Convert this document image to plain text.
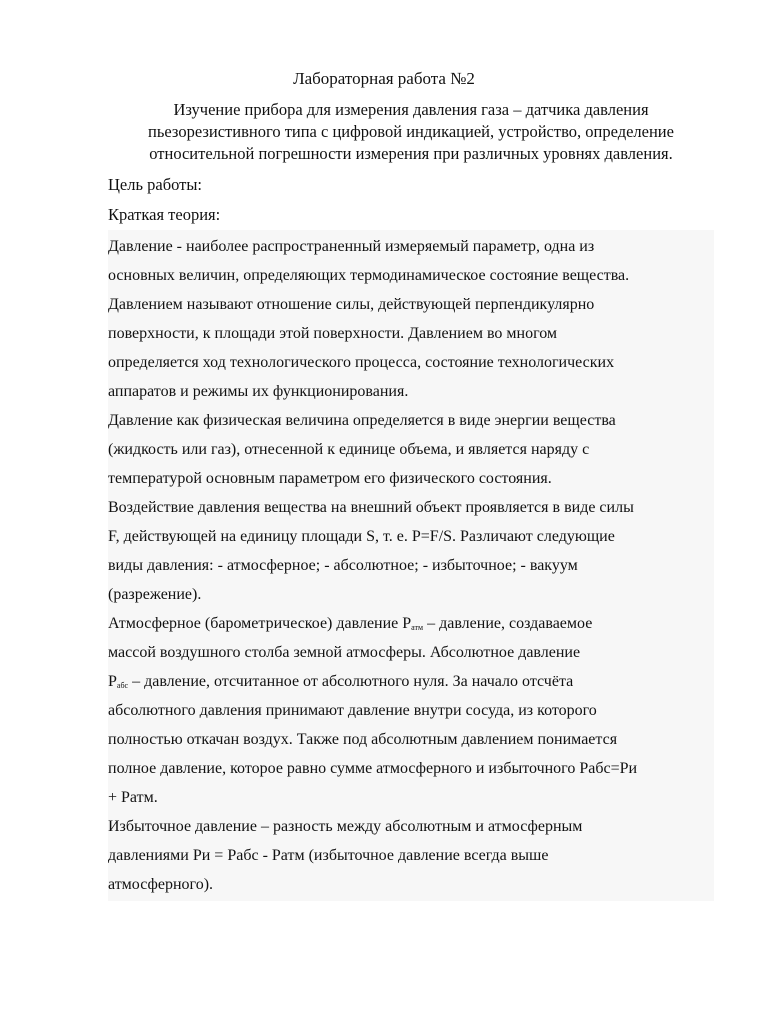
Лабораторная работа №2
Изучение прибора для измерения давления газа – датчика давления
пьезорезистивного типа с цифровой индикацией, устройство, определение
относительной погрешности измерения при различных уровнях давления.
Цель работы:
Краткая теория:
Давление - наиболее распространенный измеряемый параметр, одна из
основных величин, определяющих термодинамическое состояние вещества.
Давлением называют отношение силы, действующей перпендикулярно
поверхности, к площади этой поверхности. Давлением во многом
определяется ход технологического процесса, состояние технологических
аппаратов и режимы их функционирования.
Давление как физическая величина определяется в виде энергии вещества
(жидкость или газ), отнесенной к единице объема, и является наряду с
температурой основным параметром его физического состояния.
Воздействие давления вещества на внешний объект проявляется в виде силы
F, действующей на единицу площади S, т. е. P=F/S. Различают следующие
виды давления: - атмосферное; - абсолютное; - избыточное; - вакуум
(разрежение).
Атмосферное (барометрическое) давление $P_{атм}$ – давление, создаваемое
массой воздушного столба земной атмосферы. Абсолютное давление
$P_{абс}$ – давление, отсчитанное от абсолютного нуля. За начало отсчёта
абсолютного давления принимают давление внутри сосуда, из которого
полностью откачан воздух. Также под абсолютным давлением понимается
полное давление, которое равно сумме атмосферного и избыточного Рабс=Ри
+ Ратм.
Избыточное давление – разность между абсолютным и атмосферным
давлениями Ри = Рабс - Ратм (избыточное давление всегда выше
атмосферного).
